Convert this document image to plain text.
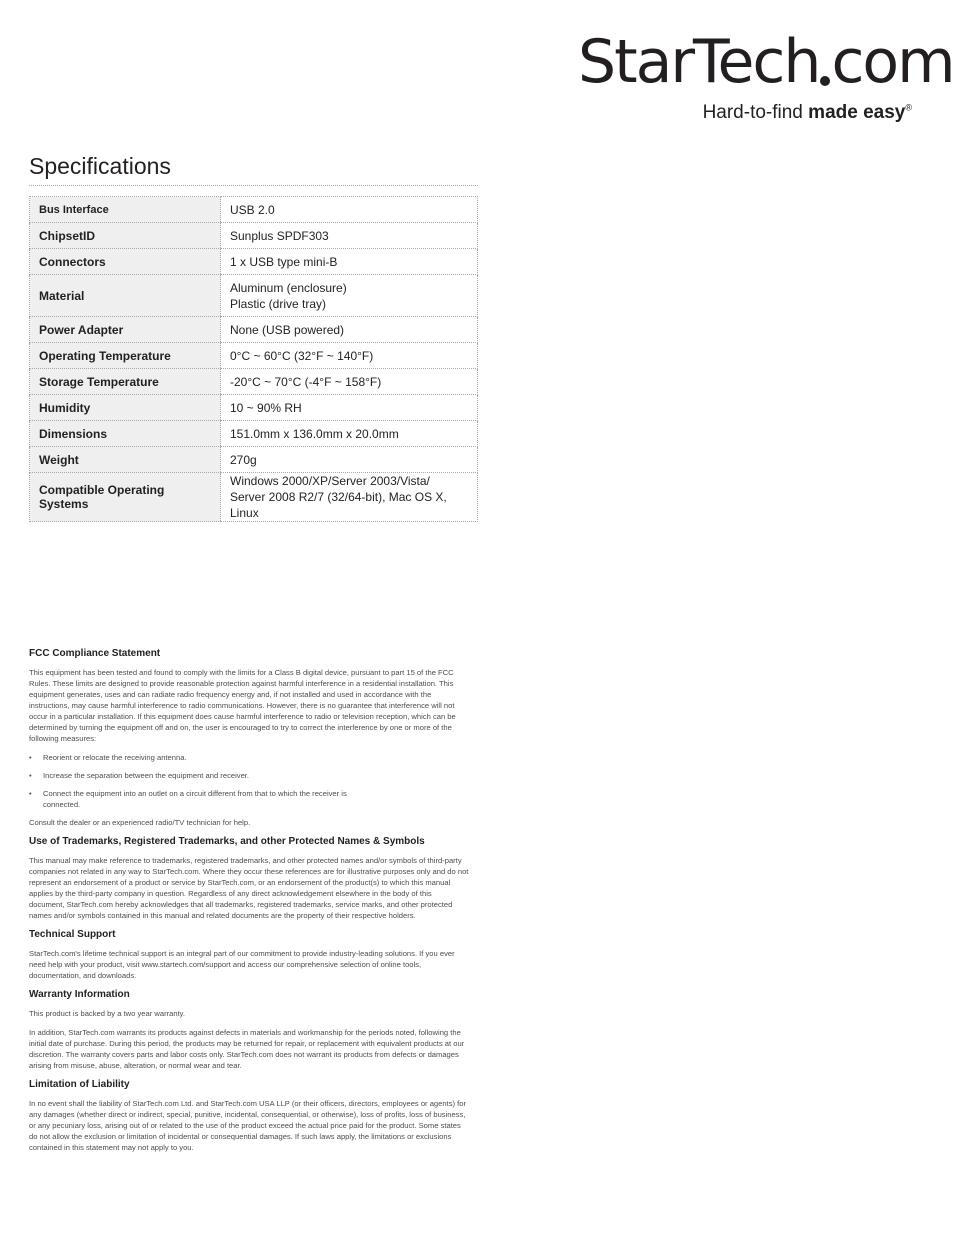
StarTech com
Hard-to-find made easy®
Specifications
Bus Interface	USB 2.0
ChipsetID	Sunplus SPDF303
Connectors	1 x USB type mini-B
Material	Aluminum (enclosure)
Plastic (drive tray)

Power Adapter	None (USB powered)
Operating Temperature	0°C ~ 60°C (32°F ~ 140°F)
Storage Temperature	-20°C ~ 70°C (-4°F ~ 158°F)
Humidity	10 ~ 90% RH
Dimensions	151.0mm x 136.0mm x 20.0mm
Weight	270g
Compatible Operating Systems	Windows 2000/XP/Server 2003/Vista/
Server 2008 R2/7 (32/64-bit), Mac OS X, Linux
FCC Compliance Statement

This equipment has been tested and found to comply with the limits for a Class B digital device, pursuant to part 15 of the FCC Rules. These limits are designed to provide reasonable protection against harmful interference in a residential installation. This equipment generates, uses and can radiate radio frequency energy and, if not installed and used in accordance with the instructions, may cause harmful interference to radio communications. However, there is no guarantee that interference will not occur in a particular installation. If this equipment does cause harmful interference to radio or television reception, which can be determined by turning the equipment off and on, the user is encouraged to try to correct the interference by one or more of the following measures:

• Reorient or relocate the receiving antenna.
• Increase the separation between the equipment and receiver.
• Connect the equipment into an outlet on a circuit different from that to which the receiver is connected.

Consult the dealer or an experienced radio/TV technician for help.

Use of Trademarks, Registered Trademarks, and other Protected Names & Symbols

This manual may make reference to trademarks, registered trademarks, and other protected names and/or symbols of third-party companies not related in any way to StarTech.com. Where they occur these references are for illustrative purposes only and do not represent an endorsement of a product or service by StarTech.com, or an endorsement of the product(s) to which this manual applies by the third-party company in question. Regardless of any direct acknowledgement elsewhere in the body of this document, StarTech.com hereby acknowledges that all trademarks, registered trademarks, service marks, and other protected names and/or symbols contained in this manual and related documents are the property of their respective holders.

Technical Support

StarTech.com's lifetime technical support is an integral part of our commitment to provide industry-leading solutions. If you ever need help with your product, visit www.startech.com/support and access our comprehensive selection of online tools, documentation, and downloads.

Warranty Information

This product is backed by a two year warranty.

In addition, StarTech.com warrants its products against defects in materials and workmanship for the periods noted, following the initial date of purchase. During this period, the products may be returned for repair, or replacement with equivalent products at our discretion. The warranty covers parts and labor costs only. StarTech.com does not warrant its products from defects or damages arising from misuse, abuse, alteration, or normal wear and tear.

Limitation of Liability

In no event shall the liability of StarTech.com Ltd. and StarTech.com USA LLP (or their officers, directors, employees or agents) for any damages (whether direct or indirect, special, punitive, incidental, consequential, or otherwise), loss of profits, loss of business, or any pecuniary loss, arising out of or related to the use of the product exceed the actual price paid for the product. Some states do not allow the exclusion or limitation of incidental or consequential damages. If such laws apply, the limitations or exclusions contained in this statement may not apply to you.
